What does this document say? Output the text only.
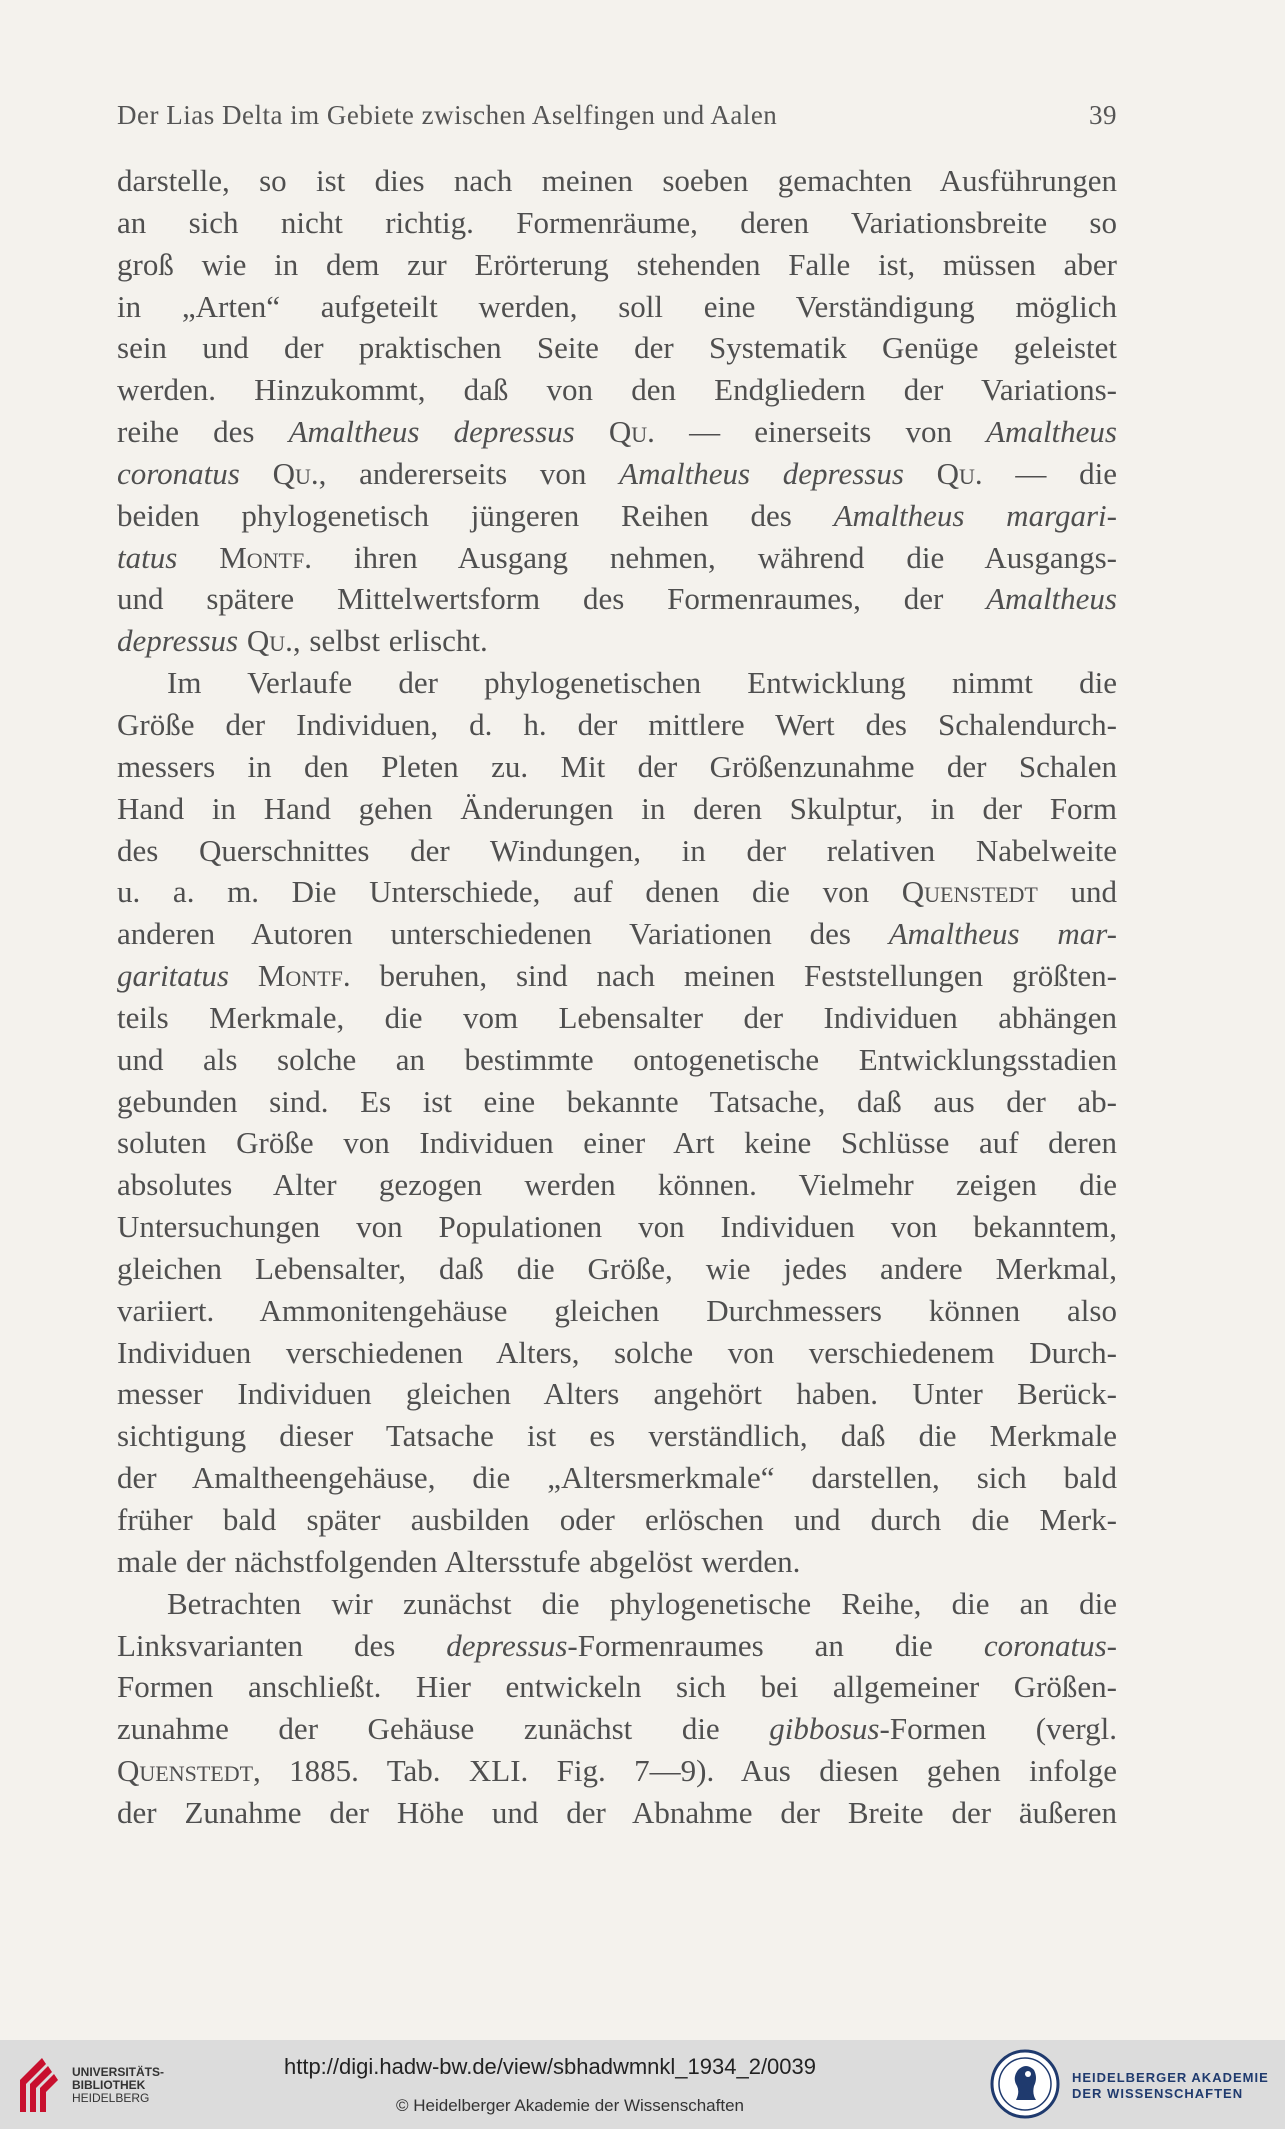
Der Lias Delta im Gebiete zwischen Aselfingen und Aalen	39
darstelle, so ist dies nach meinen soeben gemachten Ausführungen
an sich nicht richtig. Formenräume, deren Variationsbreite so
groß wie in dem zur Erörterung stehenden Falle ist, müssen aber
in „Arten“ aufgeteilt werden, soll eine Verständigung möglich
sein und der praktischen Seite der Systematik Genüge geleistet
werden. Hinzukommt, daß von den Endgliedern der Variations-
reihe des Amaltheus depressus Qu. — einerseits von Amaltheus
coronatus Qu., andererseits von Amaltheus depressus Qu. — die
beiden phylogenetisch jüngeren Reihen des Amaltheus margari-
tatus Montf. ihren Ausgang nehmen, während die Ausgangs-
und spätere Mittelwertsform des Formenraumes, der Amaltheus
depressus Qu., selbst erlischt.
Im Verlaufe der phylogenetischen Entwicklung nimmt die
Größe der Individuen, d. h. der mittlere Wert des Schalendurch-
messers in den Pleten zu. Mit der Größenzunahme der Schalen
Hand in Hand gehen Änderungen in deren Skulptur, in der Form
des Querschnittes der Windungen, in der relativen Nabelweite
u. a. m. Die Unterschiede, auf denen die von Quenstedt und
anderen Autoren unterschiedenen Variationen des Amaltheus mar-
garitatus Montf. beruhen, sind nach meinen Feststellungen größten-
teils Merkmale, die vom Lebensalter der Individuen abhängen
und als solche an bestimmte ontogenetische Entwicklungsstadien
gebunden sind. Es ist eine bekannte Tatsache, daß aus der ab-
soluten Größe von Individuen einer Art keine Schlüsse auf deren
absolutes Alter gezogen werden können. Vielmehr zeigen die
Untersuchungen von Populationen von Individuen von bekanntem,
gleichen Lebensalter, daß die Größe, wie jedes andere Merkmal,
variiert. Ammonitengehäuse gleichen Durchmessers können also
Individuen verschiedenen Alters, solche von verschiedenem Durch-
messer Individuen gleichen Alters angehört haben. Unter Berück-
sichtigung dieser Tatsache ist es verständlich, daß die Merkmale
der Amaltheengehäuse, die „Altersmerkmale“ darstellen, sich bald
früher bald später ausbilden oder erlöschen und durch die Merk-
male der nächstfolgenden Altersstufe abgelöst werden.
Betrachten wir zunächst die phylogenetische Reihe, die an die
Linksvarianten des depressus-Formenraumes an die coronatus-
Formen anschließt. Hier entwickeln sich bei allgemeiner Größen-
zunahme der Gehäuse zunächst die gibbosus-Formen (vergl.
Quenstedt, 1885. Tab. XLI. Fig. 7—9). Aus diesen gehen infolge
der Zunahme der Höhe und der Abnahme der Breite der äußeren
UNIVERSITÄTS-
BIBLIOTHEK
HEIDELBERG
http://digi.hadw-bw.de/view/sbhadwmnkl_1934_2/0039
© Heidelberger Akademie der Wissenschaften
HEIDELBERGER AKADEMIE
DER WISSENSCHAFTEN
